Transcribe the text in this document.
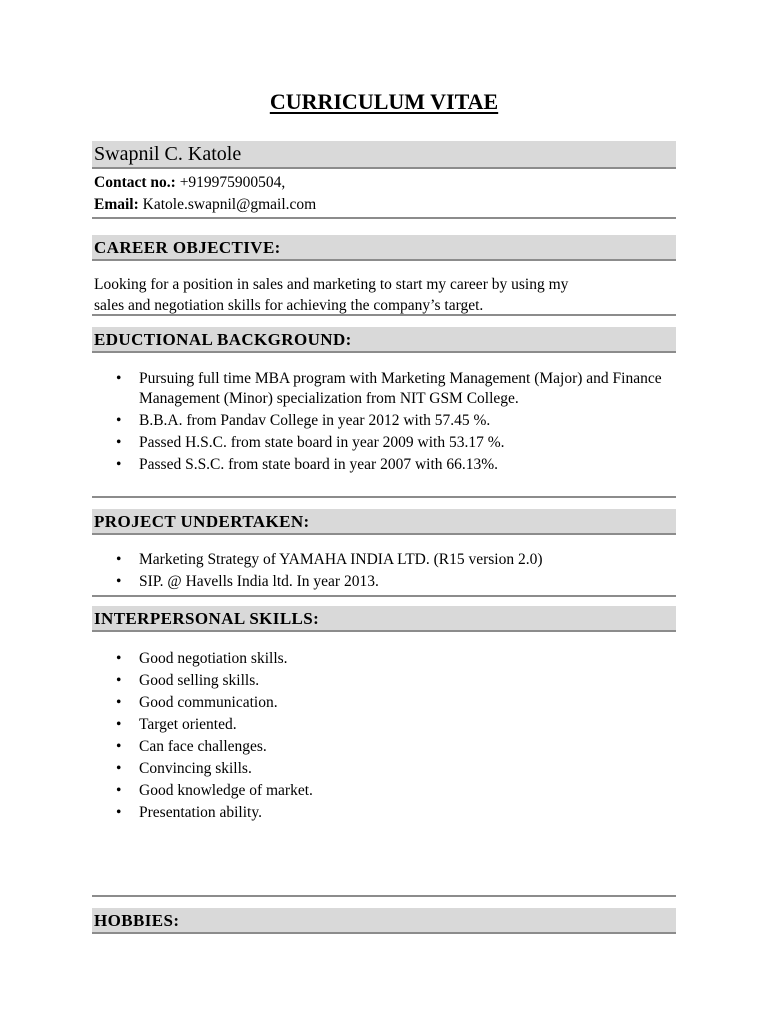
CURRICULUM VITAE
Swapnil C. Katole
Contact no.: +919975900504,
Email: Katole.swapnil@gmail.com
CAREER OBJECTIVE:
Looking for a position in sales and marketing to start my career by using my
sales and negotiation skills for achieving the company’s target.
EDUCTIONAL BACKGROUND:
• Pursuing full time MBA program with Marketing Management (Major) and Finance Management (Minor) specialization from NIT GSM College.
• B.B.A. from Pandav College in year 2012 with 57.45 %.
• Passed H.S.C. from state board in year 2009 with 53.17 %.
• Passed S.S.C. from state board in year 2007 with 66.13%.
PROJECT UNDERTAKEN:
• Marketing Strategy of YAMAHA INDIA LTD. (R15 version 2.0)
• SIP. @ Havells India ltd. In year 2013.
INTERPERSONAL SKILLS:
• Good negotiation skills.
• Good selling skills.
• Good communication.
• Target oriented.
• Can face challenges.
• Convincing skills.
• Good knowledge of market.
• Presentation ability.
HOBBIES:
